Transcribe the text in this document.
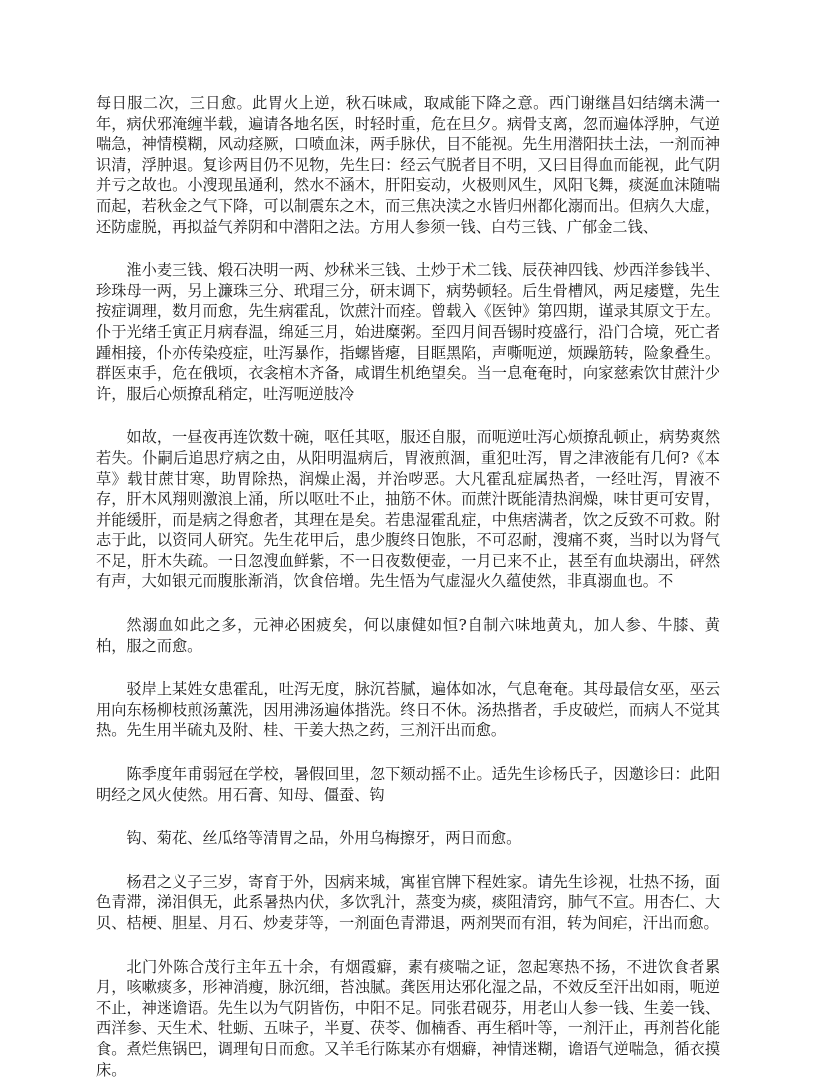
每日服二次，三日愈。此胃火上逆，秋石味咸，取咸能下降之意。西门谢继昌妇结缡未满一年，病伏邪淹缠半载，遍请各地名医，时轻时重，危在旦夕。病骨支离，忽而遍体浮肿，气逆喘急，神情模糊，风动痉厥，口喷血沫，两手脉伏，目不能视。先生用潜阳扶土法，一剂而神识清，浮肿退。复诊两目仍不见物，先生曰：经云气脱者目不明，又曰目得血而能视，此气阴并亏之故也。小溲现虽通利，然水不涵木，肝阳妄动，火极则风生，风阳飞舞，痰涎血沫随喘而起，若秋金之气下降，可以制震东之木，而三焦决渎之水皆归州都化溺而出。但病久大虚，还防虚脱，再拟益气养阴和中潜阳之法。方用人参须一钱、白芍三钱、广郁金二钱、

淮小麦三钱、煅石决明一两、炒秫米三钱、土炒于术二钱、辰茯神四钱、炒西洋参钱半、珍珠母一两，另上濂珠三分、玳瑁三分，研末调下，病势顿轻。后生骨槽风，两足痿躄，先生按症调理，数月而愈，先生病霍乱，饮蔗汁而痊。曾载入《医钟》第四期，谨录其原文于左。仆于光绪壬寅正月病春温，绵延三月，始进糜粥。至四月间吾锡时疫盛行，沿门合境，死亡者踵相接，仆亦传染疫症，吐泻暴作，指螺皆瘪，目眶黑陷，声嘶呃逆，烦躁筋转，险象叠生。群医束手，危在俄顷，衣衾棺木齐备，咸谓生机绝望矣。当一息奄奄时，向家慈索饮甘蔗汁少许，服后心烦撩乱稍定，吐泻呃逆肢冷

如故，一昼夜再连饮数十碗，呕任其呕，服还自服，而呃逆吐泻心烦撩乱顿止，病势爽然若失。仆嗣后追思疗病之由，从阳明温病后，胃液煎涸，重犯吐泻，胃之津液能有几何?《本草》载甘蔗甘寒，助胃除热，润燥止渴，并治哕恶。大凡霍乱症属热者，一经吐泻，胃液不存，肝木风翔则激浪上涌，所以呕吐不止，抽筋不休。而蔗汁既能清热润燥，味甘更可安胃，并能缓肝，而是病之得愈者，其理在是矣。若患湿霍乱症，中焦痞满者，饮之反致不可救。附志于此，以资同人研究。先生花甲后，患少腹终日饱胀，不可忍耐，溲痛不爽，当时以为肾气不足，肝木失疏。一日忽溲血鲜紫，不一日夜数便壶，一月已来不止，甚至有血块溺出，砰然有声，大如银元而腹胀渐消，饮食倍增。先生悟为气虚湿火久蕴使然，非真溺血也。不

然溺血如此之多，元神必困疲矣，何以康健如恒?自制六味地黄丸，加人参、牛膝、黄柏，服之而愈。

驳岸上某姓女患霍乱，吐泻无度，脉沉苔腻，遍体如冰，气息奄奄。其母最信女巫，巫云用向东杨柳枝煎汤薰洗，因用沸汤遍体揩洗。终日不休。汤热揩者，手皮破烂，而病人不觉其热。先生用半硫丸及附、桂、干姜大热之药，三剂汗出而愈。

陈季度年甫弱冠在学校，暑假回里，忽下颏动摇不止。适先生诊杨氏子，因邀诊曰：此阳明经之风火使然。用石膏、知母、僵蚕、钩

钩、菊花、丝瓜络等清胃之品，外用乌梅擦牙，两日而愈。

杨君之义子三岁，寄育于外，因病来城，寓崔官牌下程姓家。请先生诊视，壮热不扬，面色青滞，涕泪俱无，此系暑热内伏，多饮乳汁，蒸变为痰，痰阻清窍，肺气不宣。用杏仁、大贝、桔梗、胆星、月石、炒麦芽等，一剂面色青滞退，两剂哭而有泪，转为间疟，汗出而愈。

北门外陈合茂行主年五十余，有烟霞癖，素有痰喘之证，忽起寒热不扬，不进饮食者累月，咳嗽痰多，形神消瘦，脉沉细，苔浊腻。龚医用达邪化湿之品，不效反至汗出如雨，呃逆不止，神迷谵语。先生以为气阴皆伤，中阳不足。同张君砚芬，用老山人参一钱、生姜一钱、西洋参、天生术、牡蛎、五味子，半夏、茯苓、伽楠香、再生稻叶等，一剂汗止，再剂苔化能食。煮烂焦锅巴，调理旬日而愈。又羊毛行陈某亦有烟癖，神情迷糊，谵语气逆喘急，循衣摸床。
